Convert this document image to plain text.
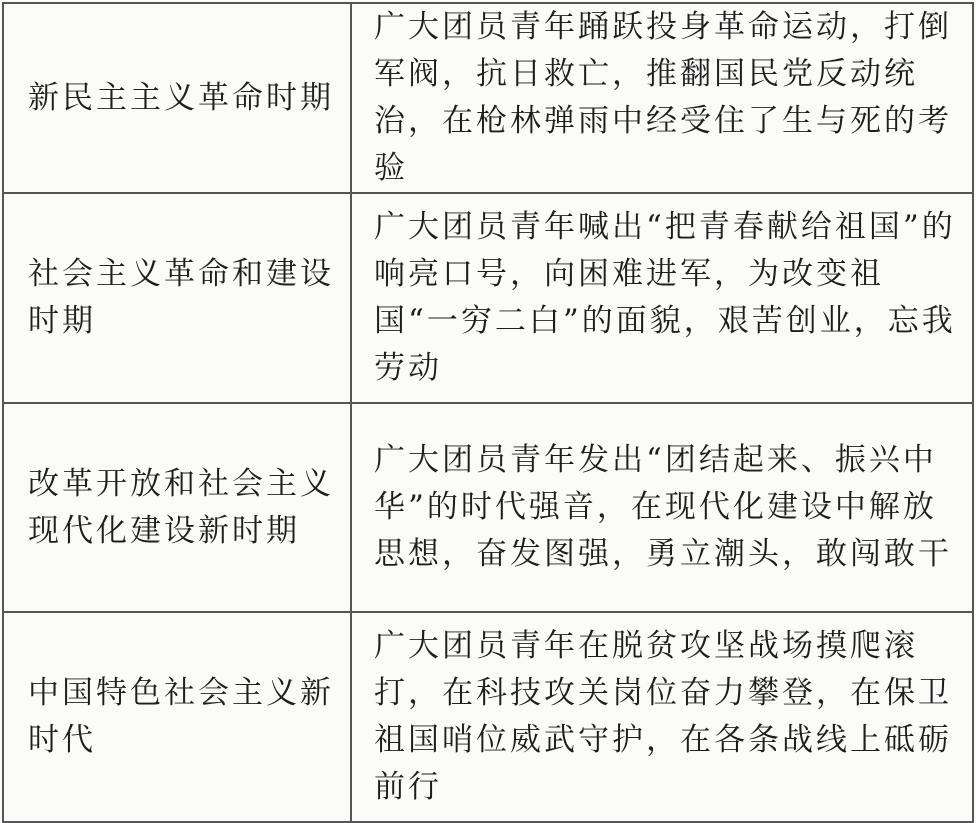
新民主主义革命时期	广大团员青年踊跃投身革命运动，打倒军阀，抗日救亡，推翻国民党反动统治，在枪林弹雨中经受住了生与死的考验
社会主义革命和建设时期	广大团员青年喊出“把青春献给祖国”的响亮口号，向困难进军，为改变祖国“一穷二白”的面貌，艰苦创业，忘我劳动
改革开放和社会主义现代化建设新时期	广大团员青年发出“团结起来、振兴中华”的时代强音，在现代化建设中解放思想，奋发图强，勇立潮头，敢闯敢干
中国特色社会主义新时代	广大团员青年在脱贫攻坚战场摸爬滚打，在科技攻关岗位奋力攀登，在保卫祖国哨位威武守护，在各条战线上砥砺前行
